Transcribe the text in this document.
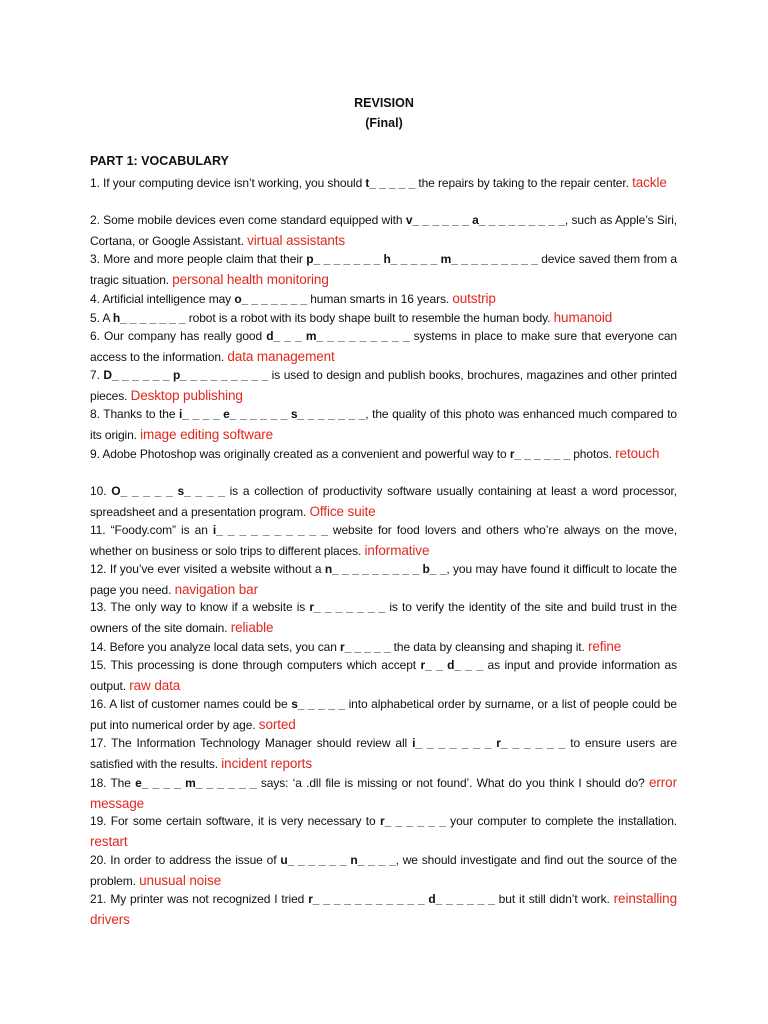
REVISION
(Final)
PART 1: VOCABULARY
1. If your computing device isn’t working, you should t_ _ _ _ _ the repairs by taking to the repair center. tackle
2. Some mobile devices even come standard equipped with v_ _ _ _ _ _ a_ _ _ _ _ _ _ _ _, such as Apple’s Siri, Cortana, or Google Assistant. virtual assistants
3. More and more people claim that their p_ _ _ _ _ _ _ h_ _ _ _ _ m_ _ _ _ _ _ _ _ _ device saved them from a tragic situation. personal health monitoring
4. Artificial intelligence may o_ _ _ _ _ _ _ human smarts in 16 years. outstrip
5. A h_ _ _ _ _ _ _ robot is a robot with its body shape built to resemble the human body. humanoid
6. Our company has really good d_ _ _ m_ _ _ _ _ _ _ _ _ systems in place to make sure that everyone can access to the information. data management
7. D_ _ _ _ _ _ p_ _ _ _ _ _ _ _ _ is used to design and publish books, brochures, magazines and other printed pieces. Desktop publishing
8. Thanks to the i_ _ _ _ e_ _ _ _ _ _ s_ _ _ _ _ _ _, the quality of this photo was enhanced much compared to its origin. image editing software
9. Adobe Photoshop was originally created as a convenient and powerful way to r_ _ _ _ _ _ photos. retouch
10. O_ _ _ _ _ s_ _ _ _ is a collection of productivity software usually containing at least a word processor, spreadsheet and a presentation program. Office suite
11. “Foody.com” is an i_ _ _ _ _ _ _ _ _ _ website for food lovers and others who’re always on the move, whether on business or solo trips to different places. informative
12. If you’ve ever visited a website without a n_ _ _ _ _ _ _ _ _ b_ _, you may have found it difficult to locate the page you need. navigation bar
13. The only way to know if a website is r_ _ _ _ _ _ _ is to verify the identity of the site and build trust in the owners of the site domain. reliable
14. Before you analyze local data sets, you can r_ _ _ _ _ the data by cleansing and shaping it. refine
15. This processing is done through computers which accept r_ _ d_ _ _ as input and provide information as output. raw data
16. A list of customer names could be s_ _ _ _ _ into alphabetical order by surname, or a list of people could be put into numerical order by age. sorted
17. The Information Technology Manager should review all i_ _ _ _ _ _ _ r_ _ _ _ _ _ to ensure users are satisfied with the results. incident reports
18. The e_ _ _ _ m_ _ _ _ _ _ says: ‘a .dll file is missing or not found’. What do you think I should do? error message
19. For some certain software, it is very necessary to r_ _ _ _ _ _ your computer to complete the installation. restart
20. In order to address the issue of u_ _ _ _ _ _ n_ _ _ _, we should investigate and find out the source of the problem. unusual noise
21. My printer was not recognized I tried r_ _ _ _ _ _ _ _ _ _ _ d_ _ _ _ _ _ but it still didn’t work. reinstalling drivers
